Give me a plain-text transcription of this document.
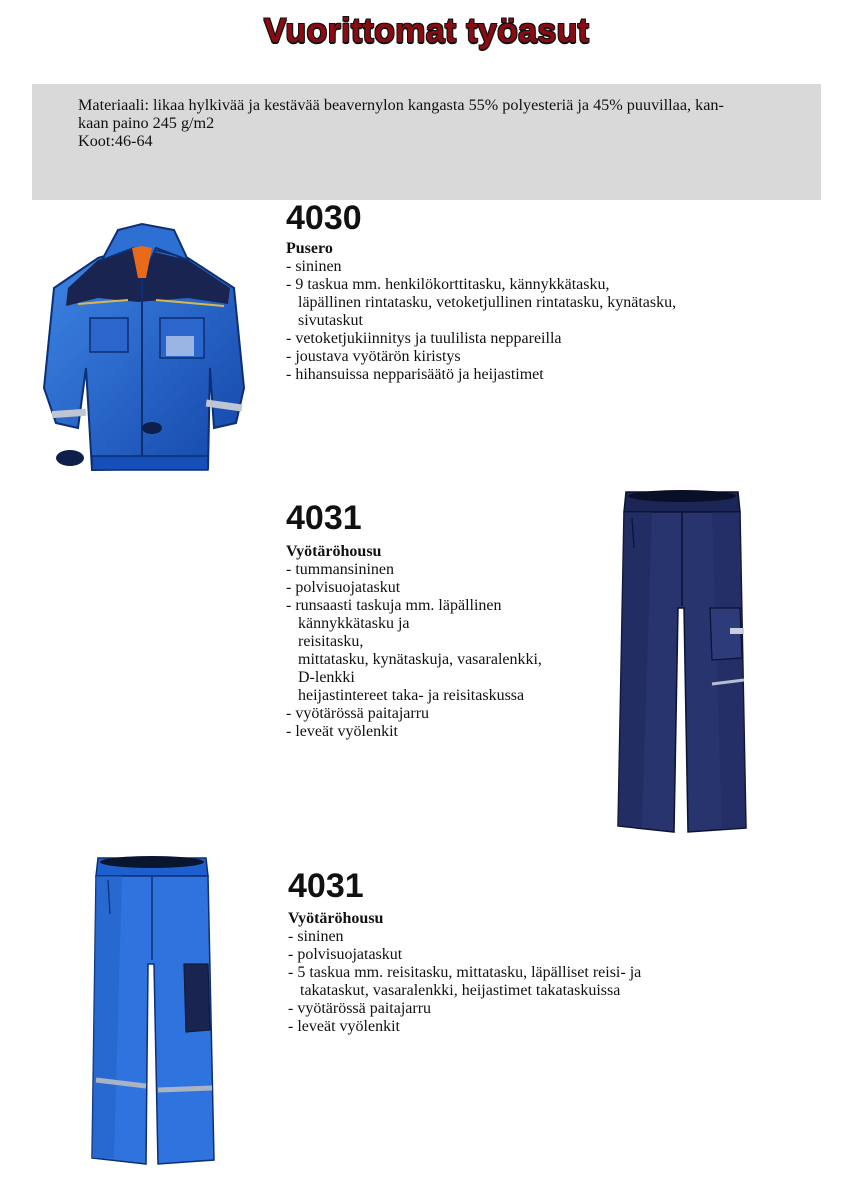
Vuorittomat työasut
Materiaali: likaa hylkivää ja kestävää beavernylon kangasta 55% polyesteriä ja 45% puuvillaa, kan-
kaan paino 245 g/m2
Koot:46-64
4030
Pusero
- sininen
- 9 taskua mm. henkilökorttitasku, kännykkätasku,
läpällinen rintatasku, vetoketjullinen rintatasku, kynätasku,
sivutaskut
- vetoketjukiinnitys ja tuulilista neppareilla
- joustava vyötärön kiristys
- hihansuissa nepparisäätö ja heijastimet
4031
Vyötäröhousu
- tummansininen
- polvisuojataskut
- runsaasti taskuja mm. läpällinen
kännykkätasku ja
reisitasku,
mittatasku, kynätaskuja, vasaralenkki,
D-lenkki
heijastintereet taka- ja reisitaskussa
- vyötärössä paitajarru
- leveät vyölenkit
4031
Vyötäröhousu
- sininen
- polvisuojataskut
- 5 taskua mm. reisitasku, mittatasku, läpälliset reisi- ja
takataskut, vasaralenkki, heijastimet takataskuissa
- vyötärössä paitajarru
- leveät vyölenkit
